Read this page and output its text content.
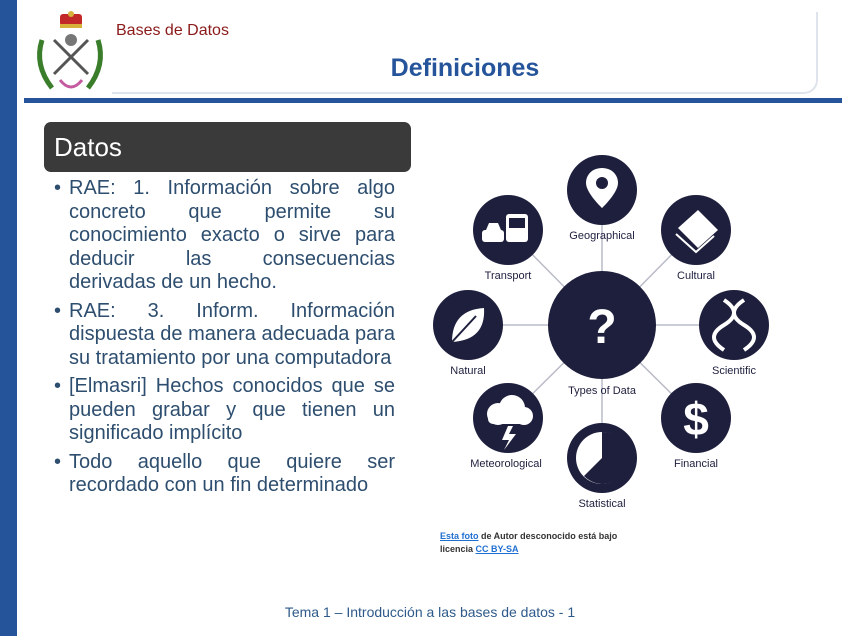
Bases de Datos
Definiciones
Datos
• RAE: 1. Información sobre algo concreto que permite su conocimiento exacto o sirve para deducir las consecuencias derivadas de un hecho.
• RAE: 3. Inform. Información dispuesta de manera adecuada para su tratamiento por una computadora
• [Elmasri] Hechos conocidos que se pueden grabar y que tienen un significado implícito
• Todo aquello que quiere ser recordado con un fin determinado
?
Types of Data
Geographical
Cultural
Scientific
$
Financial
Statistical
Meteorological
Natural
Transport
Esta foto de Autor desconocido está bajo licencia CC BY-SA
Tema 1 – Introducción a las bases de datos - 1
